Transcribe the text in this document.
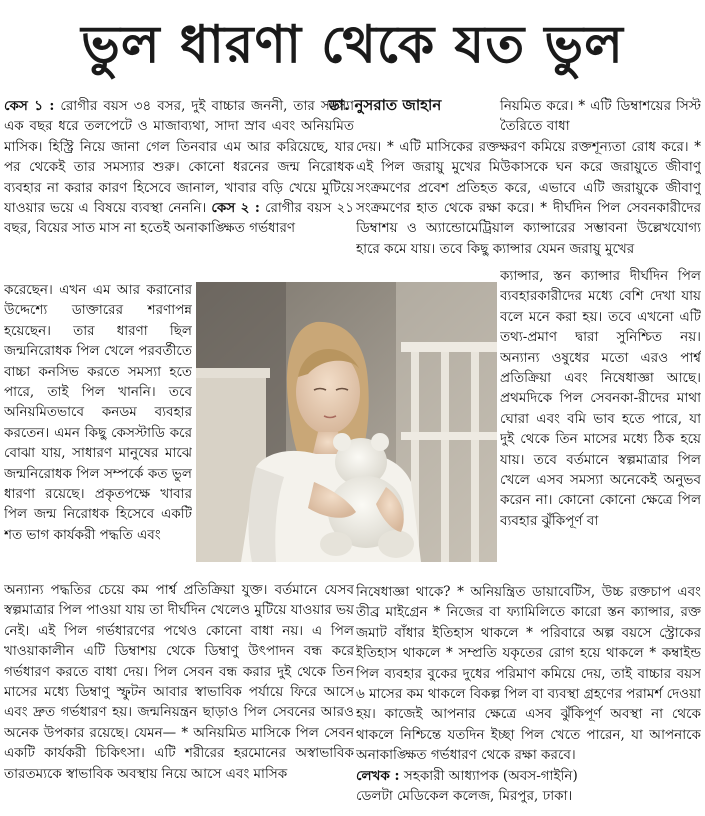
ভুল ধারণা থেকে যত ভুল
ডা. নুসরাত জাহান

কেস ১ : রোগীর বয়স ৩৪ বসর, দুই বাচ্চার জননী, তার সমস্যা এক বছর ধরে তলপেটে ও মাজাব্যথা, সাদা স্রাব এবং অনিয়মিত মাসিক। হিস্ট্রি নিয়ে জানা গেল তিনবার এম আর করিয়েছে, যার পর থেকেই তার সমস্যার শুরু। কোনো ধরনের জন্ম নিরোধক ব্যবহার না করার কারণ হিসেবে জানাল, খাবার বড়ি খেয়ে মুটিয়ে যাওয়ার ভয়ে এ বিষয়ে ব্যবস্থা নেননি। কেস ২ : রোগীর বয়স ২১ বছর, বিয়ের সাত মাস না হতেই অনাকাঙ্ক্ষিত গর্ভধারণ

করেছেন। এখন এম আর করানোর উদ্দেশ্যে ডাক্তারের শরণাপন্ন হয়েছেন। তার ধারণা ছিল জন্মনিরোধক পিল খেলে পরবর্তীতে বাচ্চা কনসিভ করতে সমস্যা হতে পারে, তাই পিল খাননি। তবে অনিয়মিতভাবে কনডম ব্যবহার করতেন। এমন কিছু কেসস্টাডি করে বোঝা যায়, সাধারণ মানুষের মাঝে জন্মনিরোধক পিল সম্পর্কে কত ভুল ধারণা রয়েছে। প্রকৃতপক্ষে খাবার পিল জন্ম নিরোধক হিসেবে একটি শত ভাগ কার্যকরী পদ্ধতি এবং

অন্যান্য পদ্ধতির চেয়ে কম পার্শ্ব প্রতিক্রিয়া যুক্ত। বর্তমানে যেসব স্বল্পমাত্রার পিল পাওয়া যায় তা দীর্ঘদিন খেলেও মুটিয়ে যাওয়ার ভয় নেই। এই পিল গর্ভধারণের পথেও কোনো বাধা নয়। এ পিল খাওয়াকালীন এটি ডিম্বাশয় থেকে ডিম্বাণু উৎপাদন বন্ধ করে গর্ভধারণ করতে বাধা দেয়। পিল সেবন বন্ধ করার দুই থেকে তিন মাসের মধ্যে ডিম্বাণু স্ফুটন আবার স্বাভাবিক পর্যায়ে ফিরে আসে এবং দ্রুত গর্ভধারণ হয়। জন্মনিয়ন্ত্রন ছাড়াও পিল সেবনের আরও অনেক উপকার রয়েছে। যেমন— * অনিয়মিত মাসিকে পিল সেবন একটি কার্যকরী চিকিৎসা। এটি শরীরের হরমোনের অস্বাভাবিক তারতম্যকে স্বাভাবিক অবস্থায় নিয়ে আসে এবং মাসিক

নিয়মিত করে। * এটি ডিম্বাশয়ের সিস্ট তৈরিতে বাধা

দেয়। * এটি মাসিকের রক্তক্ষরণ কমিয়ে রক্তশূন্যতা রোধ করে। * এই পিল জরায়ু মুখের মিউকাসকে ঘন করে জরায়ুতে জীবাণু সংক্রমণের প্রবেশ প্রতিহত করে, এভাবে এটি জরায়ুকে জীবাণু সংক্রমণের হাত থেকে রক্ষা করে। * দীর্ঘদিন পিল সেবনকারীদের ডিম্বাশয় ও অ্যান্ডোমেট্রিয়াল ক্যান্সারের সম্ভাবনা উল্লেখযোগ্য হারে কমে যায়। তবে কিছু ক্যান্সার যেমন জরায়ু মুখের

ক্যান্সার, স্তন ক্যান্সার দীর্ঘদিন পিল ব্যবহারকারীদের মধ্যে বেশি দেখা যায় বলে মনে করা হয়। তবে এখনো এটি তথ্য-প্রমাণ দ্বারা সুনিশ্চিত নয়। অন্যান্য ওষুধের মতো এরও পার্শ্ব প্রতিক্রিয়া এবং নিষেধাজ্ঞা আছে। প্রথমদিকে পিল সেবনকা-রীদের মাথা ঘোরা এবং বমি ভাব হতে পারে, যা দুই থেকে তিন মাসের মধ্যে ঠিক হয়ে যায়। তবে বর্তমানে স্বল্পমাত্রার পিল খেলে এসব সমস্যা অনেকেই অনুভব করেন না। কোনো কোনো ক্ষেত্রে পিল ব্যবহার ঝুঁকিপূর্ণ বা

নিষেধাজ্ঞা থাকে? * অনিয়ন্ত্রিত ডায়াবেটিস, উচ্চ রক্তচাপ এবং তীব্র মাইগ্রেন * নিজের বা ফ্যামিলিতে কারো স্তন ক্যান্সার, রক্ত জমাট বাঁধার ইতিহাস থাকলে * পরিবারে অল্প বয়সে স্ট্রোকের ইতিহাস থাকলে * সম্প্রতি যকৃতের রোগ হয়ে থাকলে * কম্বাইন্ড পিল ব্যবহার বুকের দুধের পরিমাণ কমিয়ে দেয়, তাই বাচ্চার বয়স ৬ মাসের কম থাকলে বিকল্প পিল বা ব্যবস্থা গ্রহণের পরামর্শ দেওয়া হয়। কাজেই আপনার ক্ষেত্রে এসব ঝুঁকিপূর্ণ অবস্থা না থেকে থাকলে নিশ্চিন্তে যতদিন ইচ্ছা পিল খেতে পারেন, যা আপনাকে অনাকাঙ্ক্ষিত গর্ভধারণ থেকে রক্ষা করবে।

লেখক : সহকারী আধ্যাপক (অবস-গাইনি)

ডেলটা মেডিকেল কলেজ, মিরপুর, ঢাকা।
